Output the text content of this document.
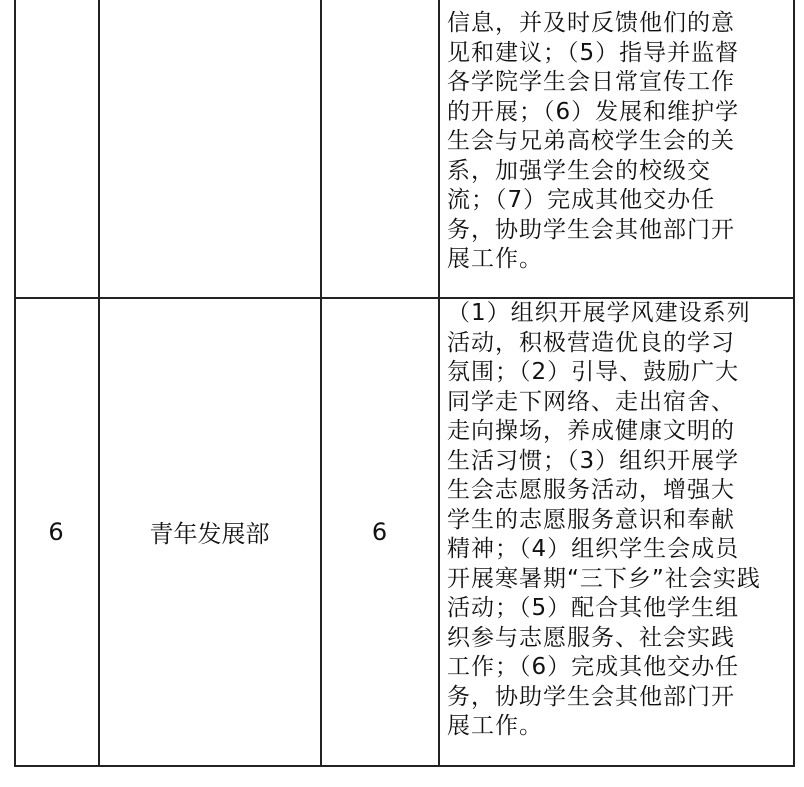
信息，并及时反馈他们的意
见和建议；（5）指导并监督
各学院学生会日常宣传工作
的开展；（6）发展和维护学
生会与兄弟高校学生会的关
系，加强学生会的校级交
流；（7）完成其他交办任
务，协助学生会其他部门开
展工作。
6	青年发展部	6
（1）组织开展学风建设系列
活动，积极营造优良的学习
氛围；（2）引导、鼓励广大
同学走下网络、走出宿舍、
走向操场，养成健康文明的
生活习惯；（3）组织开展学
生会志愿服务活动，增强大
学生的志愿服务意识和奉献
精神；（4）组织学生会成员
开展寒暑期“三下乡”社会实践
活动；（5）配合其他学生组
织参与志愿服务、社会实践
工作；（6）完成其他交办任
务，协助学生会其他部门开
展工作。
